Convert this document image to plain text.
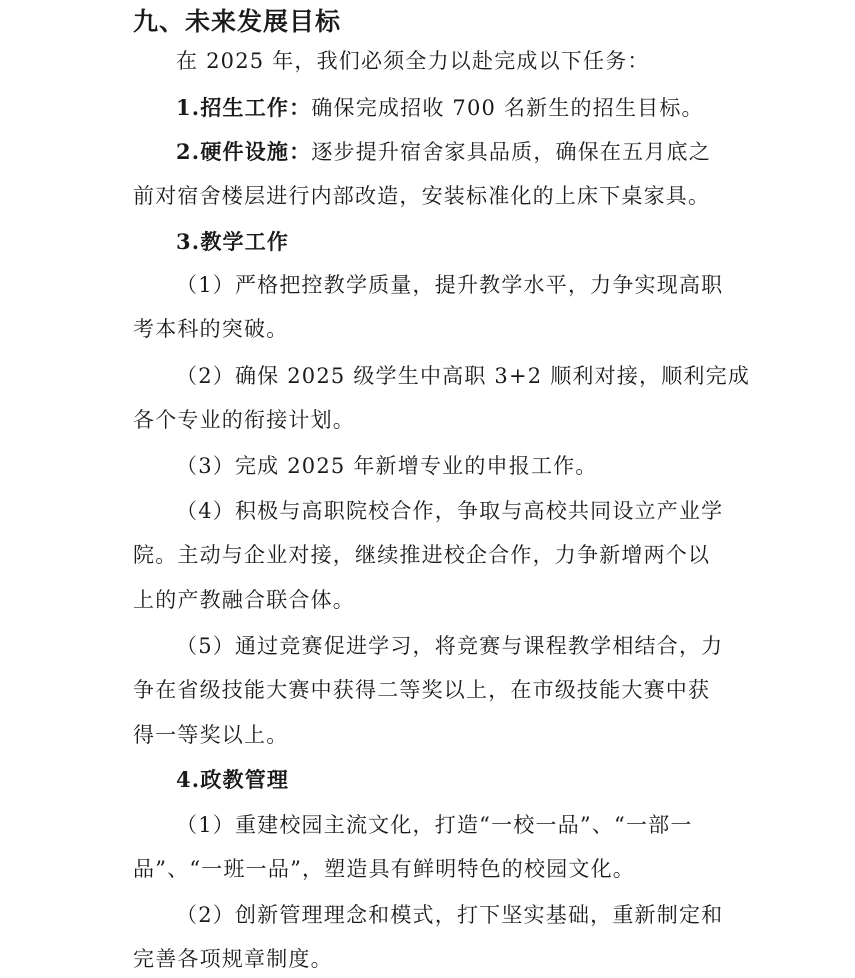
九、未来发展目标
在 2025 年，我们必须全力以赴完成以下任务：
1.招生工作：确保完成招收 700 名新生的招生目标。
2.硬件设施：逐步提升宿舍家具品质，确保在五月底之
前对宿舍楼层进行内部改造，安装标准化的上床下桌家具。
3.教学工作
（1）严格把控教学质量，提升教学水平，力争实现高职
考本科的突破。
（2）确保 2025 级学生中高职 3+2 顺利对接，顺利完成
各个专业的衔接计划。
（3）完成 2025 年新增专业的申报工作。
（4）积极与高职院校合作，争取与高校共同设立产业学
院。主动与企业对接，继续推进校企合作，力争新增两个以
上的产教融合联合体。
（5）通过竞赛促进学习，将竞赛与课程教学相结合，力
争在省级技能大赛中获得二等奖以上，在市级技能大赛中获
得一等奖以上。
4.政教管理
（1）重建校园主流文化，打造“一校一品”、“一部一
品”、“一班一品”，塑造具有鲜明特色的校园文化。
（2）创新管理理念和模式，打下坚实基础，重新制定和
完善各项规章制度。
